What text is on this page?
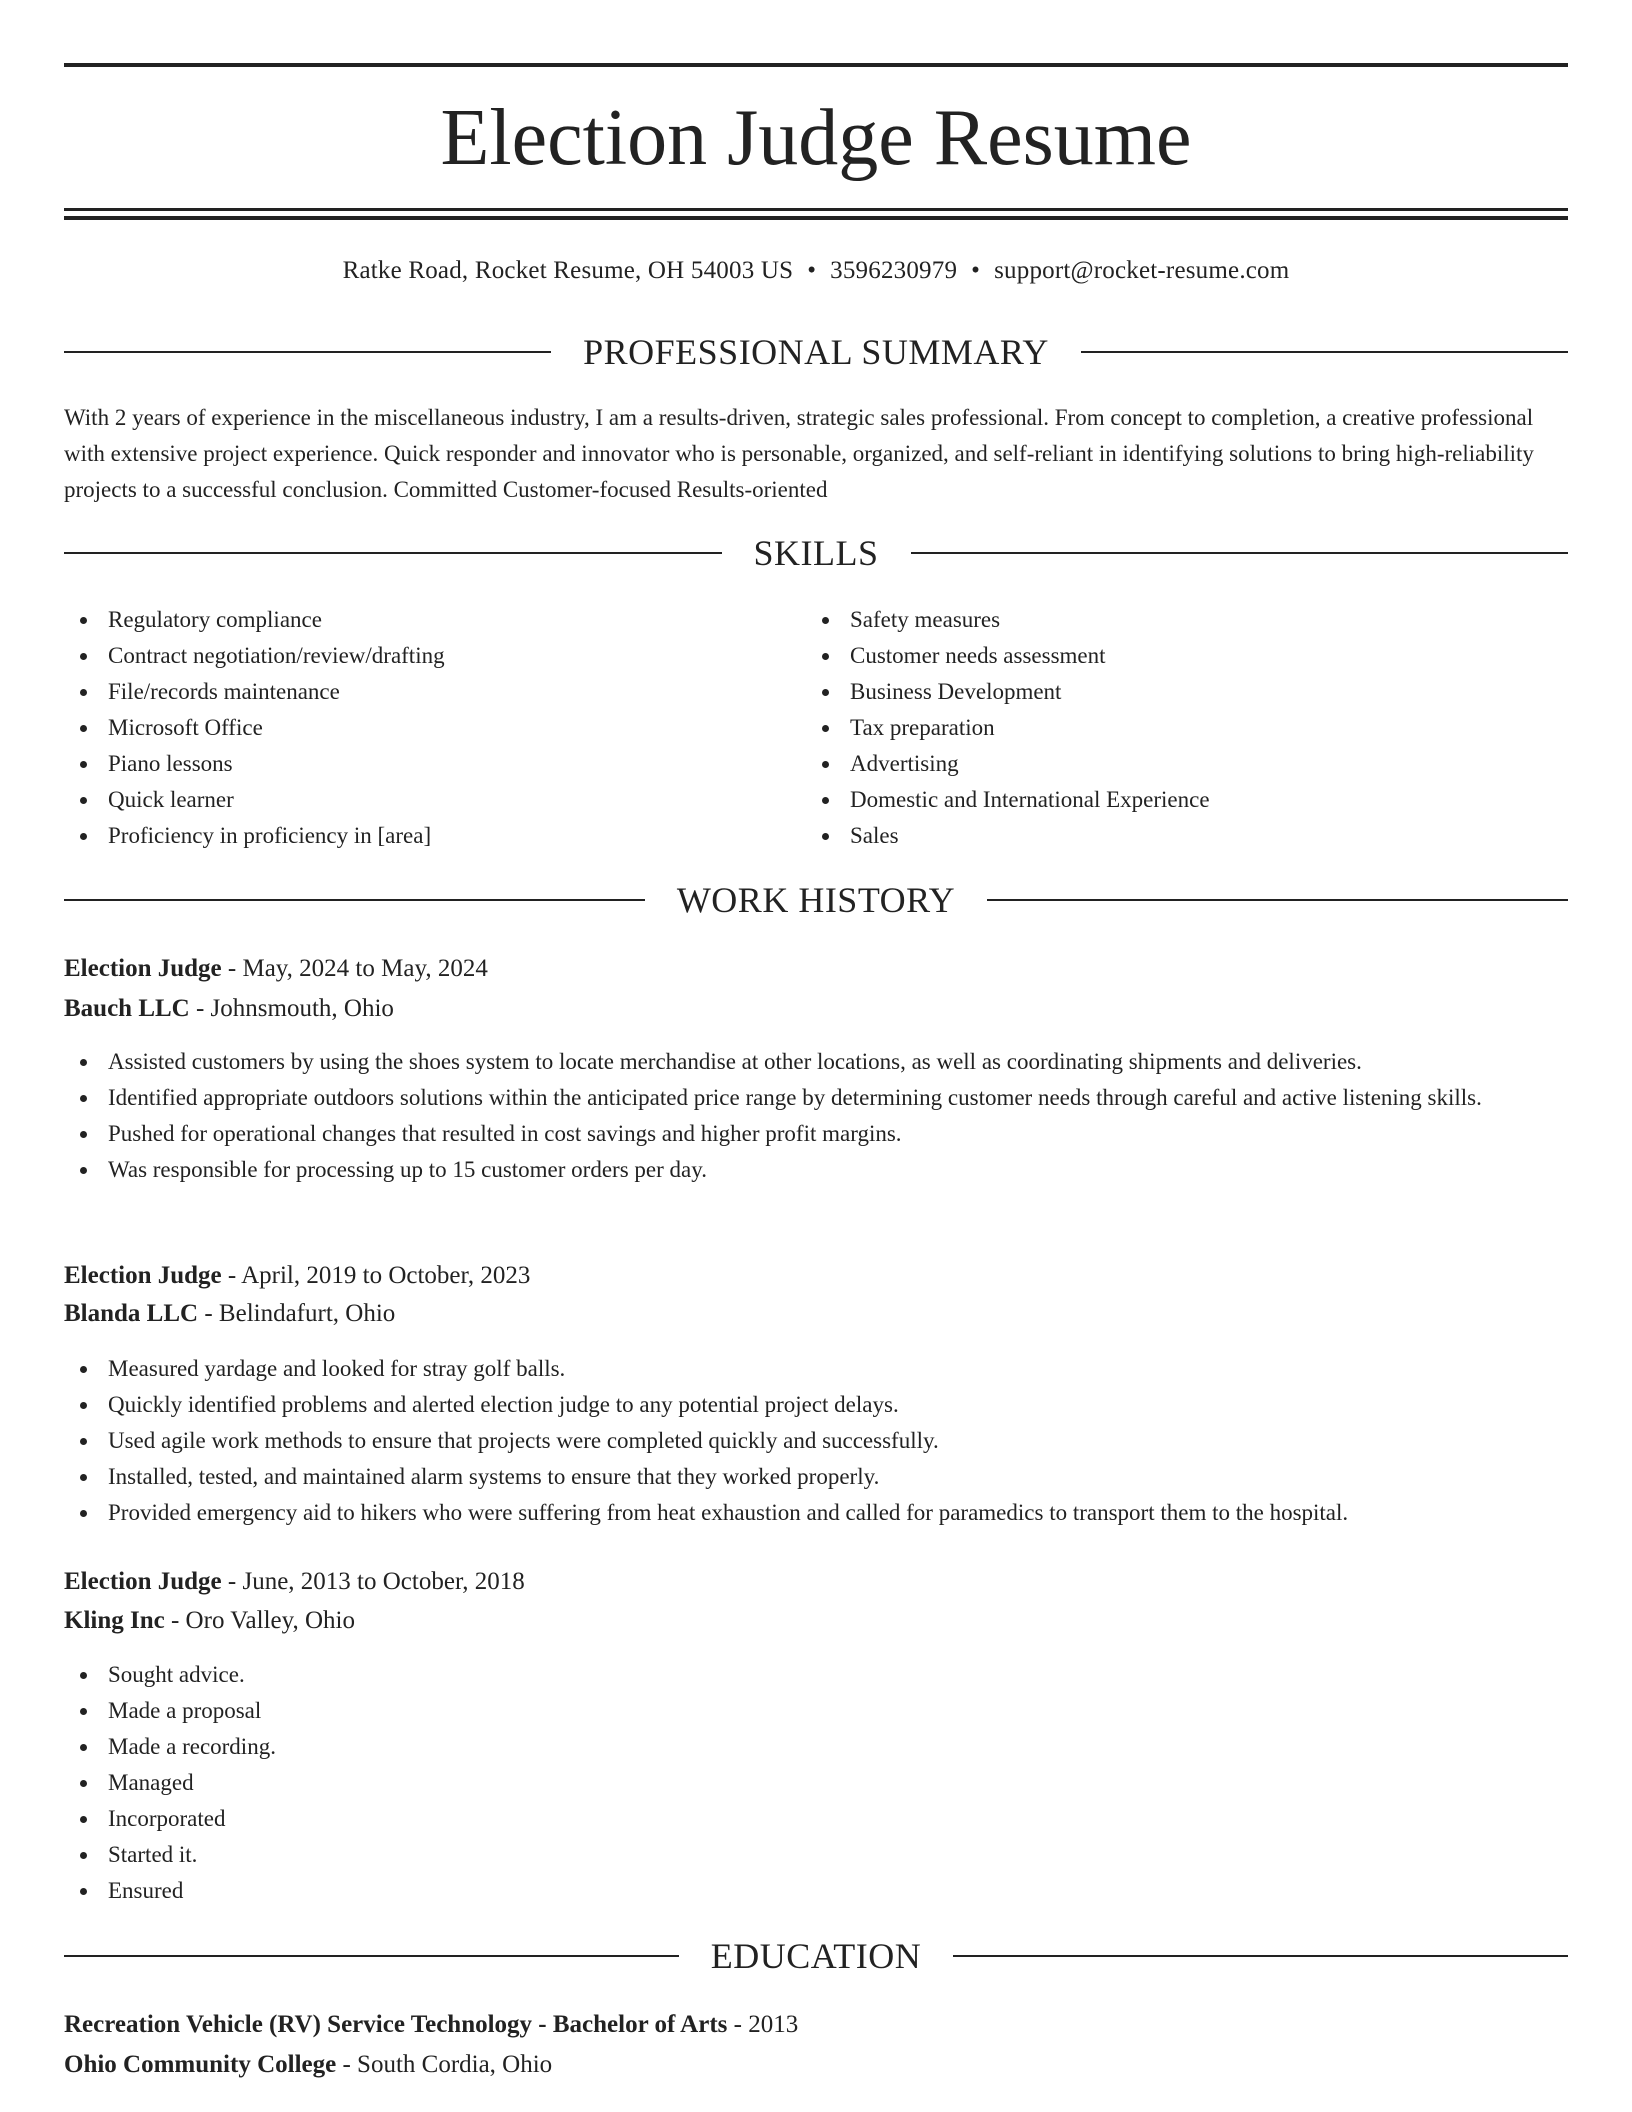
Election Judge Resume
Ratke Road, Rocket Resume, OH 54003 US • 3596230979 • support@rocket-resume.com
PROFESSIONAL SUMMARY

With 2 years of experience in the miscellaneous industry, I am a results-driven, strategic sales professional. From concept to completion, a creative professional with extensive project experience. Quick responder and innovator who is personable, organized, and self-reliant in identifying solutions to bring high-reliability projects to a successful conclusion. Committed Customer-focused Results-oriented

SKILLS
Regulatory compliance
Contract negotiation/review/drafting
File/records maintenance
Microsoft Office
Piano lessons
Quick learner
Proficiency in proficiency in [area]
Safety measures
Customer needs assessment
Business Development
Tax preparation
Advertising
Domestic and International Experience
Sales
WORK HISTORY
Election Judge - May, 2024 to May, 2024
Bauch LLC - Johnsmouth, Ohio
Assisted customers by using the shoes system to locate merchandise at other locations, as well as coordinating shipments and deliveries.
Identified appropriate outdoors solutions within the anticipated price range by determining customer needs through careful and active listening skills.
Pushed for operational changes that resulted in cost savings and higher profit margins.
Was responsible for processing up to 15 customer orders per day.
Election Judge - April, 2019 to October, 2023
Blanda LLC - Belindafurt, Ohio
Measured yardage and looked for stray golf balls.
Quickly identified problems and alerted election judge to any potential project delays.
Used agile work methods to ensure that projects were completed quickly and successfully.
Installed, tested, and maintained alarm systems to ensure that they worked properly.
Provided emergency aid to hikers who were suffering from heat exhaustion and called for paramedics to transport them to the hospital.
Election Judge - June, 2013 to October, 2018
Kling Inc - Oro Valley, Ohio
Sought advice.
Made a proposal
Made a recording.
Managed
Incorporated
Started it.
Ensured
EDUCATION
Recreation Vehicle (RV) Service Technology - Bachelor of Arts - 2013
Ohio Community College - South Cordia, Ohio
